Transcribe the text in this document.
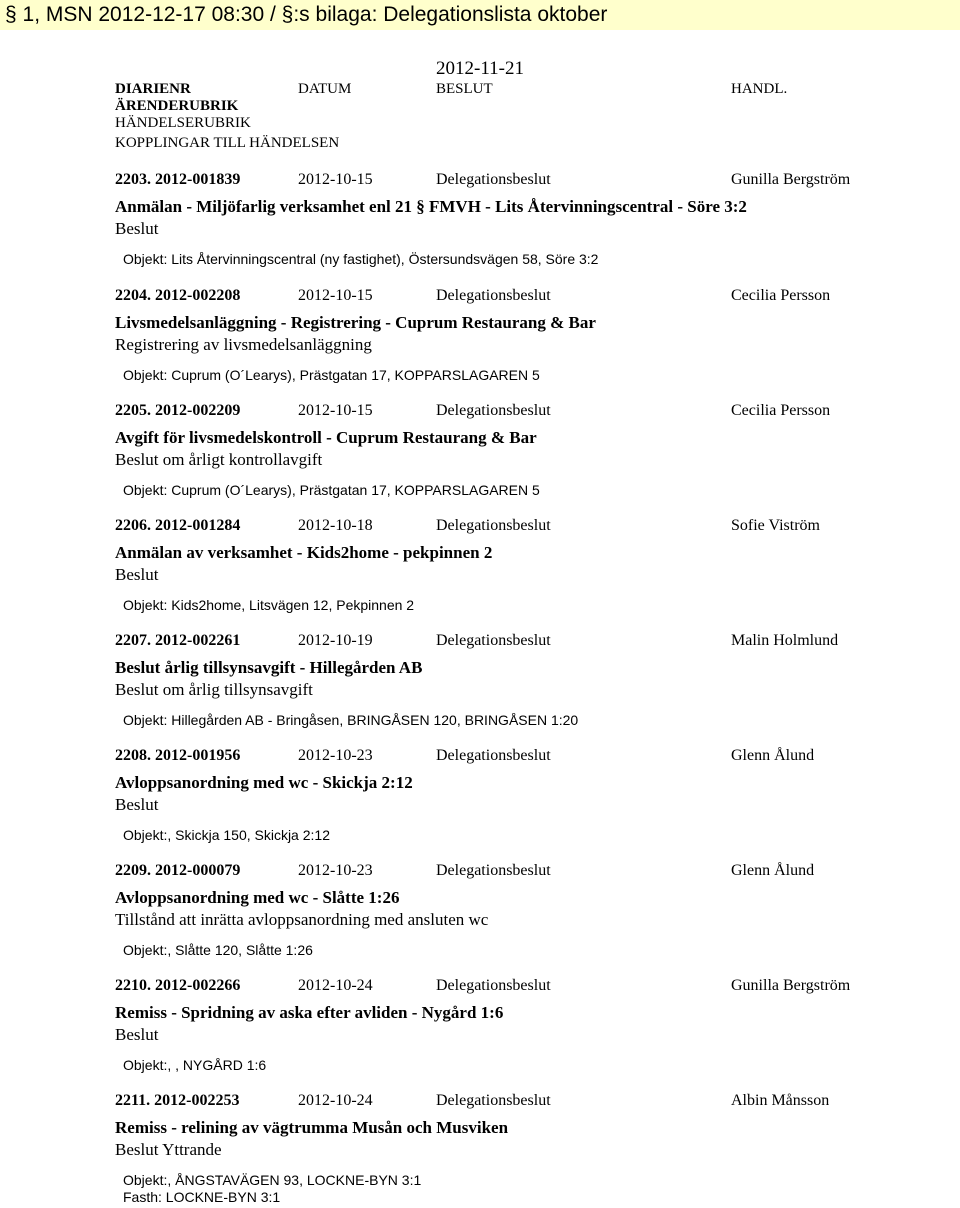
§ 1, MSN 2012-12-17 08:30 / §:s bilaga: Delegationslista oktober
2012-11-21
DIARIENR	DATUM	BESLUT	HANDL.
ÄRENDERUBRIK
HÄNDELSERUBRIK
KOPPLINGAR TILL HÄNDELSEN
2203. 2012-001839	2012-10-15	Delegationsbeslut	Gunilla Bergström
Anmälan - Miljöfarlig verksamhet enl 21 § FMVH - Lits Återvinningscentral - Söre 3:2
Beslut
Objekt: Lits Återvinningscentral (ny fastighet), Östersundsvägen 58, Söre 3:2
2204. 2012-002208	2012-10-15	Delegationsbeslut	Cecilia Persson
Livsmedelsanläggning - Registrering - Cuprum Restaurang & Bar
Registrering av livsmedelsanläggning
Objekt: Cuprum (O´Learys), Prästgatan 17, KOPPARSLAGAREN 5
2205. 2012-002209	2012-10-15	Delegationsbeslut	Cecilia Persson
Avgift för livsmedelskontroll - Cuprum Restaurang & Bar
Beslut om årligt kontrollavgift
Objekt: Cuprum (O´Learys), Prästgatan 17, KOPPARSLAGAREN 5
2206. 2012-001284	2012-10-18	Delegationsbeslut	Sofie Viström
Anmälan av verksamhet - Kids2home - pekpinnen 2
Beslut
Objekt: Kids2home, Litsvägen 12, Pekpinnen 2
2207. 2012-002261	2012-10-19	Delegationsbeslut	Malin Holmlund
Beslut årlig tillsynsavgift - Hillegården AB
Beslut om årlig tillsynsavgift
Objekt: Hillegården AB - Bringåsen, BRINGÅSEN 120, BRINGÅSEN 1:20
2208. 2012-001956	2012-10-23	Delegationsbeslut	Glenn Ålund
Avloppsanordning med wc - Skickja 2:12
Beslut
Objekt:, Skickja 150, Skickja 2:12
2209. 2012-000079	2012-10-23	Delegationsbeslut	Glenn Ålund
Avloppsanordning med wc - Slåtte 1:26
Tillstånd att inrätta avloppsanordning med ansluten wc
Objekt:, Slåtte 120, Slåtte 1:26
2210. 2012-002266	2012-10-24	Delegationsbeslut	Gunilla Bergström
Remiss - Spridning av aska efter avliden - Nygård 1:6
Beslut
Objekt:, , NYGÅRD 1:6
2211. 2012-002253	2012-10-24	Delegationsbeslut	Albin Månsson
Remiss - relining av vägtrumma Musån och Musviken
Beslut Yttrande
Objekt:, ÅNGSTAVÄGEN 93, LOCKNE-BYN 3:1
Fasth: LOCKNE-BYN 3:1
